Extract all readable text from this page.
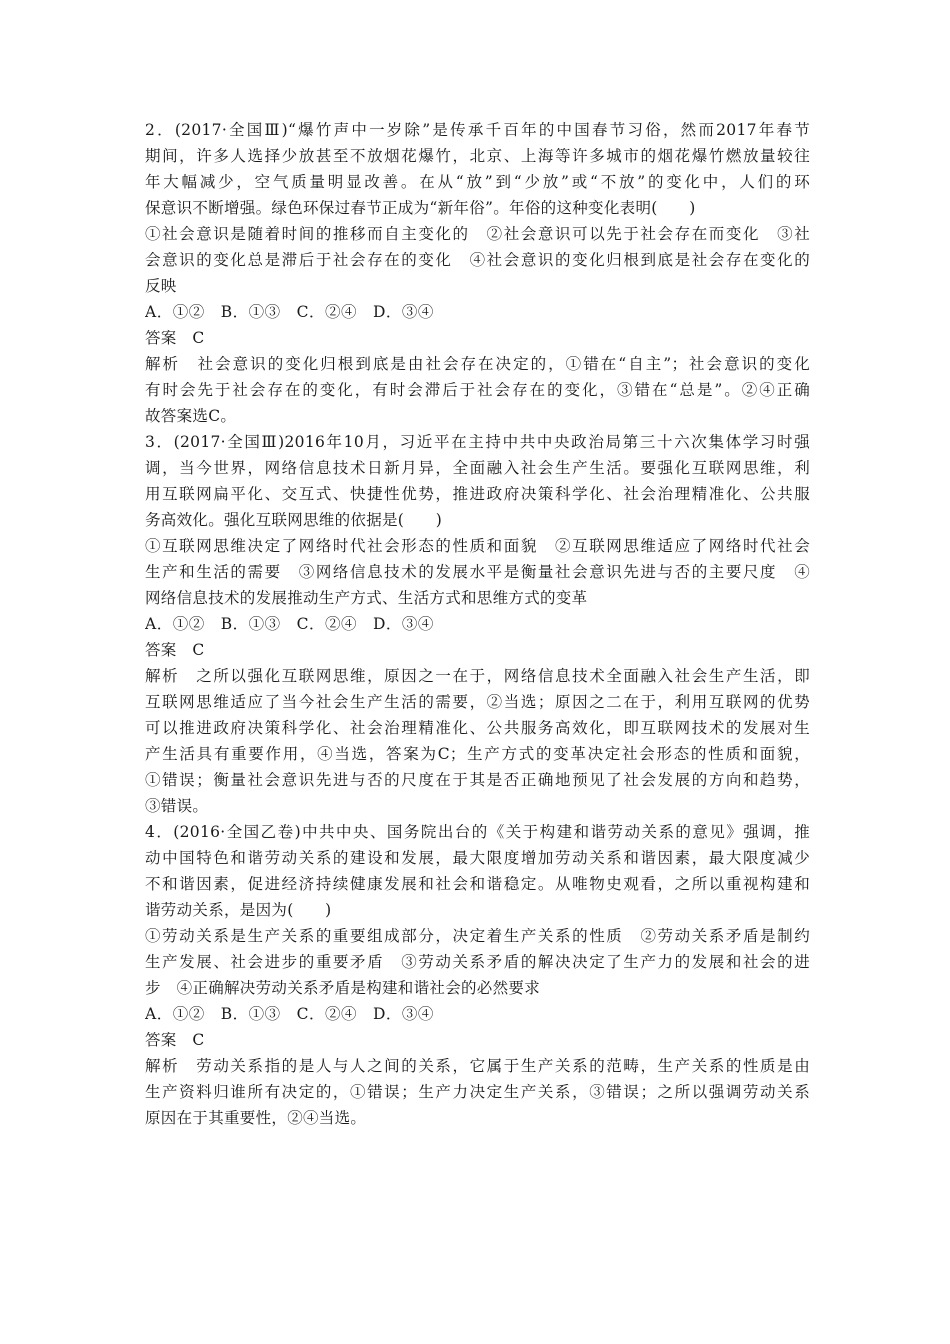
2．(2017·全国Ⅲ)“爆竹声中一岁除”是传承千百年的中国春节习俗，然而2017年春节
期间，许多人选择少放甚至不放烟花爆竹，北京、上海等许多城市的烟花爆竹燃放量较往
年大幅减少，空气质量明显改善。在从“放”到“少放”或“不放”的变化中，人们的环
保意识不断增强。绿色环保过春节正成为“新年俗”。年俗的这种变化表明(　　)
①社会意识是随着时间的推移而自主变化的　②社会意识可以先于社会存在而变化　③社
会意识的变化总是滞后于社会存在的变化　④社会意识的变化归根到底是社会存在变化的
反映
A．①②　B．①③　C．②④　D．③④
答案　C
解析　社会意识的变化归根到底是由社会存在决定的，①错在“自主”；社会意识的变化
有时会先于社会存在的变化，有时会滞后于社会存在的变化，③错在“总是”。②④正确
故答案选C。
3．(2017·全国Ⅲ)2016年10月，习近平在主持中共中央政治局第三十六次集体学习时强
调，当今世界，网络信息技术日新月异，全面融入社会生产生活。要强化互联网思维，利
用互联网扁平化、交互式、快捷性优势，推进政府决策科学化、社会治理精准化、公共服
务高效化。强化互联网思维的依据是(　　)
①互联网思维决定了网络时代社会形态的性质和面貌　②互联网思维适应了网络时代社会
生产和生活的需要　③网络信息技术的发展水平是衡量社会意识先进与否的主要尺度　④
网络信息技术的发展推动生产方式、生活方式和思维方式的变革
A．①②　B．①③　C．②④　D．③④
答案　C
解析　之所以强化互联网思维，原因之一在于，网络信息技术全面融入社会生产生活，即
互联网思维适应了当今社会生产生活的需要，②当选；原因之二在于，利用互联网的优势
可以推进政府决策科学化、社会治理精准化、公共服务高效化，即互联网技术的发展对生
产生活具有重要作用，④当选，答案为C；生产方式的变革决定社会形态的性质和面貌，
①错误；衡量社会意识先进与否的尺度在于其是否正确地预见了社会发展的方向和趋势，
③错误。
4．(2016·全国乙卷)中共中央、国务院出台的《关于构建和谐劳动关系的意见》强调，推
动中国特色和谐劳动关系的建设和发展，最大限度增加劳动关系和谐因素，最大限度减少
不和谐因素，促进经济持续健康发展和社会和谐稳定。从唯物史观看，之所以重视构建和
谐劳动关系，是因为(　　)
①劳动关系是生产关系的重要组成部分，决定着生产关系的性质　②劳动关系矛盾是制约
生产发展、社会进步的重要矛盾　③劳动关系矛盾的解决决定了生产力的发展和社会的进
步　④正确解决劳动关系矛盾是构建和谐社会的必然要求
A．①②　B．①③　C．②④　D．③④
答案　C
解析　劳动关系指的是人与人之间的关系，它属于生产关系的范畴，生产关系的性质是由
生产资料归谁所有决定的，①错误；生产力决定生产关系，③错误；之所以强调劳动关系
原因在于其重要性，②④当选。
